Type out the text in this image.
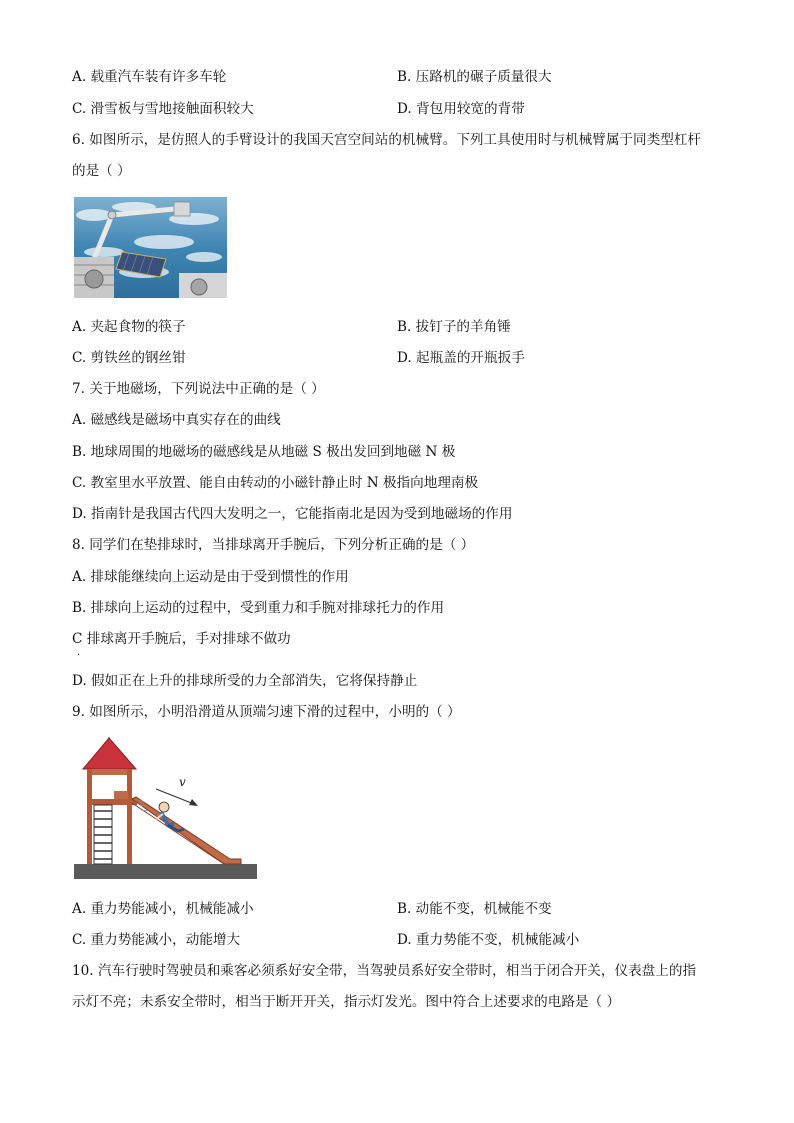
A. 载重汽车装有许多车轮	B. 压路机的碾子质量很大
C. 滑雪板与雪地接触面积较大	D. 背包用较宽的背带
6. 如图所示，是仿照人的手臂设计的我国天宫空间站的机械臂。下列工具使用时与机械臂属于同类型杠杆
的是（ ）
A. 夹起食物的筷子	B. 拔钉子的羊角锤
C. 剪铁丝的钢丝钳	D. 起瓶盖的开瓶扳手
7. 关于地磁场，下列说法中正确的是（ ）
A. 磁感线是磁场中真实存在的曲线
B. 地球周围的地磁场的磁感线是从地磁 S 极出发回到地磁 N 极
C. 教室里水平放置、能自由转动的小磁针静止时 N 极指向地理南极
D. 指南针是我国古代四大发明之一，它能指南北是因为受到地磁场的作用
8. 同学们在垫排球时，当排球离开手腕后，下列分析正确的是（ ）
A. 排球能继续向上运动是由于受到惯性的作用
B. 排球向上运动的过程中，受到重力和手腕对排球托力的作用
C 排球离开手腕后，手对排球不做功
.
D. 假如正在上升的排球所受的力全部消失，它将保持静止
9. 如图所示，小明沿滑道从顶端匀速下滑的过程中，小明的（ ）
v
A. 重力势能减小，机械能减小	B. 动能不变，机械能不变
C. 重力势能减小，动能增大	D. 重力势能不变，机械能减小
10. 汽车行驶时驾驶员和乘客必须系好安全带，当驾驶员系好安全带时，相当于闭合开关，仪表盘上的指
示灯不亮；未系安全带时，相当于断开开关，指示灯发光。图中符合上述要求的电路是（ ）
